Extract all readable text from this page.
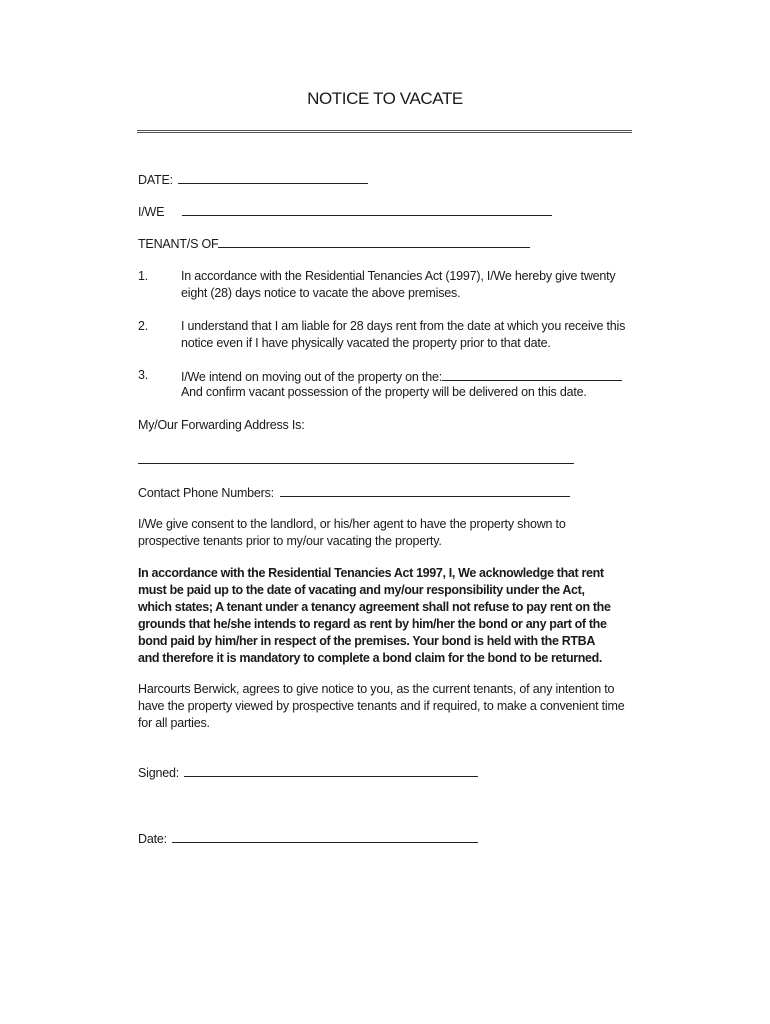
NOTICE TO VACATE
DATE:
I/WE
TENANT/S OF
1.	In accordance with the Residential Tenancies Act (1997), I/We hereby give twenty eight (28) days notice to vacate the above premises.
2.	I understand that I am liable for 28 days rent from the date at which you receive this notice even if I have physically vacated the property prior to that date.
3.	I/We intend on moving out of the property on the:
And confirm vacant possession of the property will be delivered on this date.
My/Our Forwarding Address Is:
Contact Phone Numbers:
I/We give consent to the landlord, or his/her agent to have the property shown to prospective tenants prior to my/our vacating the property.
In accordance with the Residential Tenancies Act 1997, I, We acknowledge that rent must be paid up to the date of vacating and my/our responsibility under the Act, which states; A tenant under a tenancy agreement shall not refuse to pay rent on the grounds that he/she intends to regard as rent by him/her the bond or any part of the bond paid by him/her in respect of the premises. Your bond is held with the RTBA and therefore it is mandatory to complete a bond claim for the bond to be returned.
Harcourts Berwick, agrees to give notice to you, as the current tenants, of any intention to have the property viewed by prospective tenants and if required, to make a convenient time for all parties.
Signed:
Date:
